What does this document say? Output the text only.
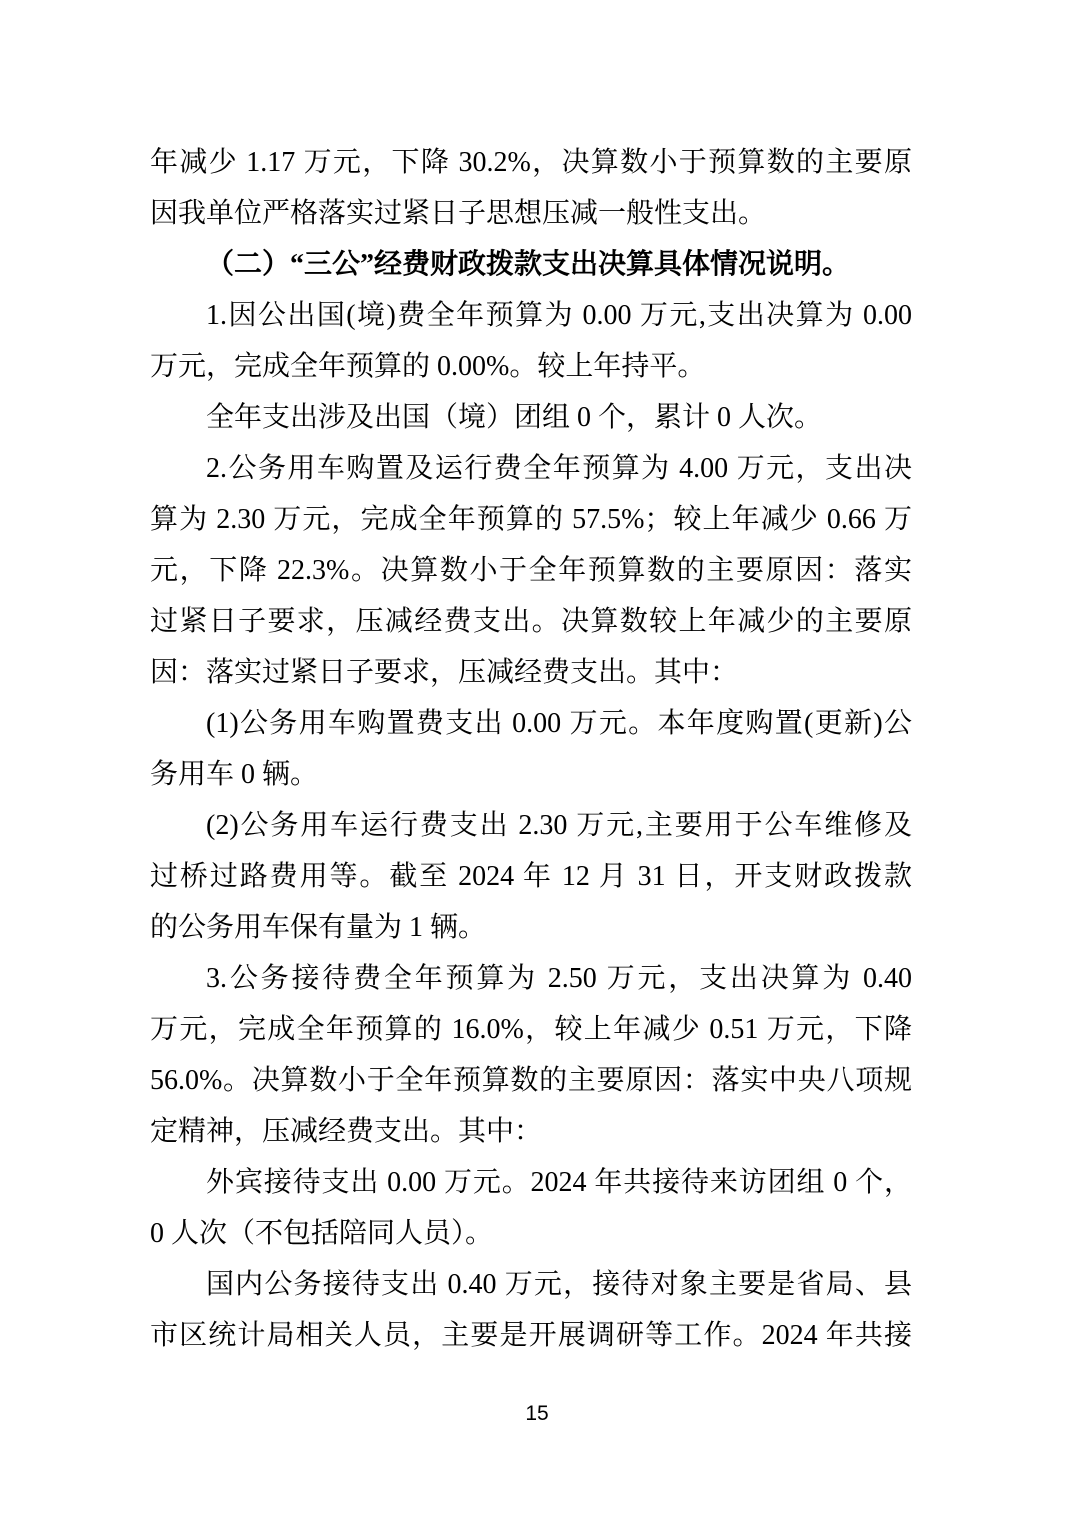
年减少 1.17 万元，下降 30.2%，决算数小于预算数的主要原
因我单位严格落实过紧日子思想压减一般性支出。
（二）“三公”经费财政拨款支出决算具体情况说明。
1.因公出国(境)费全年预算为 0.00 万元,支出决算为 0.00
万元，完成全年预算的 0.00%。较上年持平。
全年支出涉及出国（境）团组 0 个，累计 0 人次。
2.公务用车购置及运行费全年预算为 4.00 万元，支出决
算为 2.30 万元，完成全年预算的 57.5%；较上年减少 0.66 万
元，下降 22.3%。决算数小于全年预算数的主要原因：落实
过紧日子要求，压减经费支出。决算数较上年减少的主要原
因：落实过紧日子要求，压减经费支出。其中：
(1)公务用车购置费支出 0.00 万元。本年度购置(更新)公
务用车 0 辆。
(2)公务用车运行费支出 2.30 万元,主要用于公车维修及
过桥过路费用等。截至 2024 年 12 月 31 日，开支财政拨款
的公务用车保有量为 1 辆。
3.公务接待费全年预算为 2.50 万元，支出决算为 0.40
万元，完成全年预算的 16.0%，较上年减少 0.51 万元，下降
56.0%。决算数小于全年预算数的主要原因：落实中央八项规
定精神，压减经费支出。其中：
外宾接待支出 0.00 万元。2024 年共接待来访团组 0 个，
0 人次（不包括陪同人员）。
国内公务接待支出 0.40 万元，接待对象主要是省局、县
市区统计局相关人员，主要是开展调研等工作。2024 年共接
15
